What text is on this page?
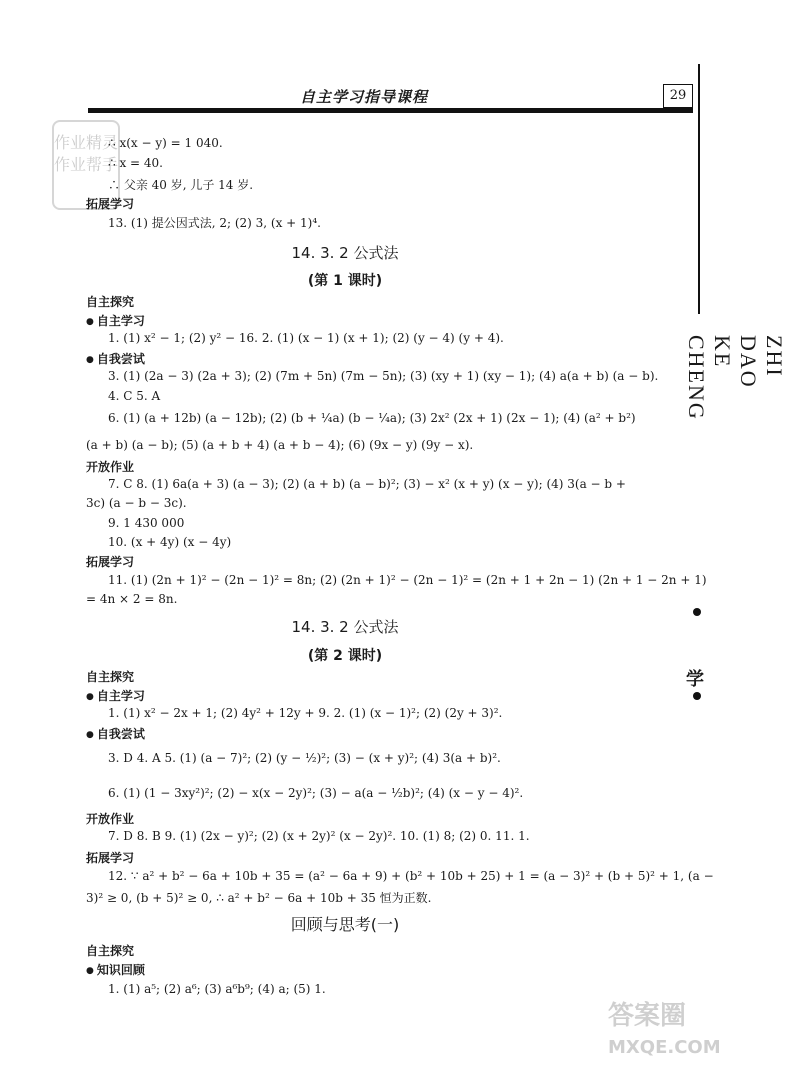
自主学习指导课程	29
ZHI
DAO
KE
CHENG
学
作业精灵 作业帮手
∴ x(x − y) = 1 040.
∴ x = 40.
∴ 父亲 40 岁, 儿子 14 岁.
拓展学习
13. (1) 提公因式法, 2; (2) 3, (x + 1)⁴.
14. 3. 2 公式法
(第 1 课时)
自主探究
● 自主学习
1. (1) x² − 1; (2) y² − 16. 2. (1) (x − 1) (x + 1); (2) (y − 4) (y + 4).
● 自我尝试
3. (1) (2a − 3) (2a + 3); (2) (7m + 5n) (7m − 5n); (3) (xy + 1) (xy − 1); (4) a(a + b) (a − b).
4. C 5. A
6. (1) (a + 12b) (a − 12b); (2) (b + ¼a) (b − ¼a); (3) 2x² (2x + 1) (2x − 1); (4) (a² + b²)
(a + b) (a − b); (5) (a + b + 4) (a + b − 4); (6) (9x − y) (9y − x).
开放作业
7. C 8. (1) 6a(a + 3) (a − 3); (2) (a + b) (a − b)²; (3) − x² (x + y) (x − y); (4) 3(a − b +
3c) (a − b − 3c).
9. 1 430 000
10. (x + 4y) (x − 4y)
拓展学习
11. (1) (2n + 1)² − (2n − 1)² = 8n; (2) (2n + 1)² − (2n − 1)² = (2n + 1 + 2n − 1) (2n + 1 − 2n + 1)
= 4n × 2 = 8n.
14. 3. 2 公式法
(第 2 课时)
自主探究
● 自主学习
1. (1) x² − 2x + 1; (2) 4y² + 12y + 9. 2. (1) (x − 1)²; (2) (2y + 3)².
● 自我尝试
3. D 4. A 5. (1) (a − 7)²; (2) (y − ½)²; (3) − (x + y)²; (4) 3(a + b)².
6. (1) (1 − 3xy²)²; (2) − x(x − 2y)²; (3) − a(a − ½b)²; (4) (x − y − 4)².
开放作业
7. D 8. B 9. (1) (2x − y)²; (2) (x + 2y)² (x − 2y)². 10. (1) 8; (2) 0. 11. 1.
拓展学习
12. ∵ a² + b² − 6a + 10b + 35 = (a² − 6a + 9) + (b² + 10b + 25) + 1 = (a − 3)² + (b + 5)² + 1, (a −
3)² ≥ 0, (b + 5)² ≥ 0, ∴ a² + b² − 6a + 10b + 35 恒为正数.
回顾与思考(一)
自主探究
● 知识回顾
1. (1) a⁵; (2) a⁶; (3) a⁶b⁹; (4) a; (5) 1.
答案圈
MXQE.COM
